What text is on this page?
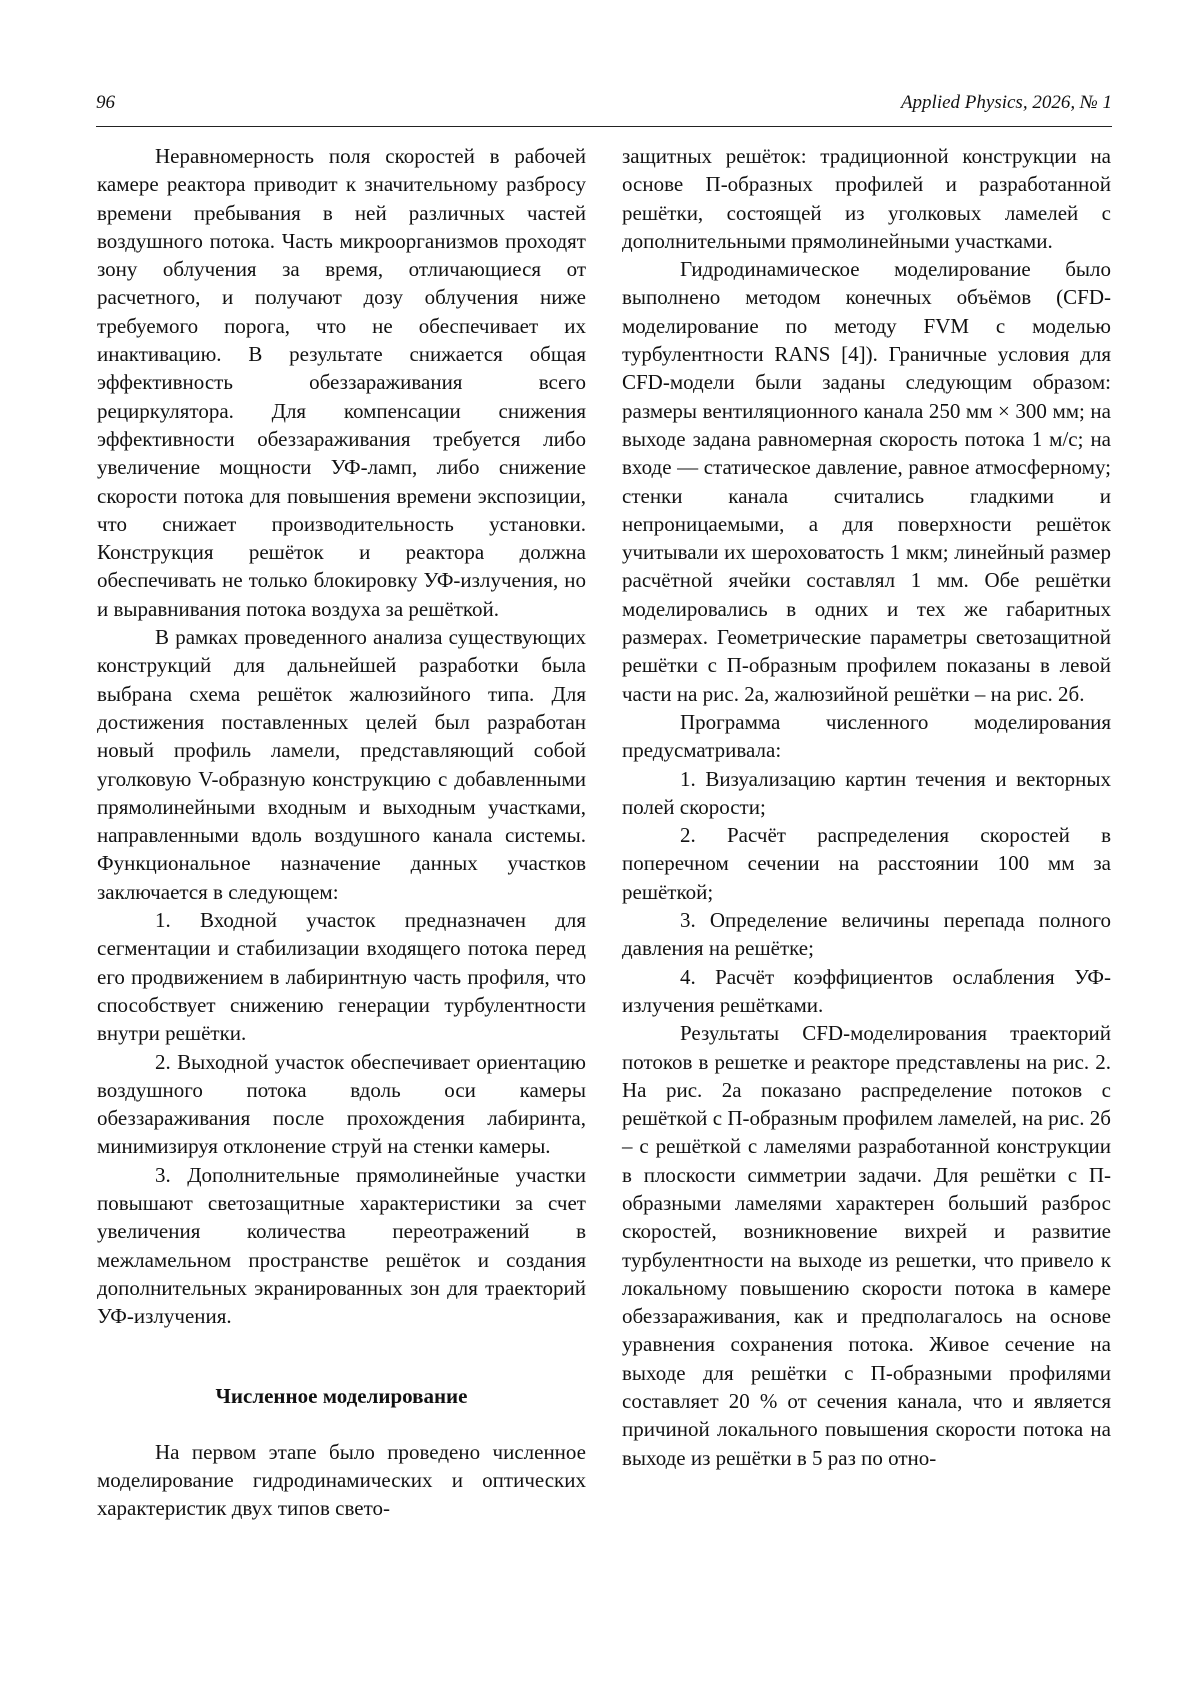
96	Applied Physics, 2026, № 1

Неравномерность поля скоростей в рабочей камере реактора приводит к значительному разбросу времени пребывания в ней различных частей воздушного потока. Часть микроорганизмов проходят зону облучения за время, отличающиеся от расчетного, и получают дозу облучения ниже требуемого порога, что не обеспечивает их инактивацию. В результате снижается общая эффективность обеззараживания всего рециркулятора. Для компенсации снижения эффективности обеззараживания требуется либо увеличение мощности УФ-ламп, либо снижение скорости потока для повышения времени экспозиции, что снижает производительность установки. Конструкция решёток и реактора должна обеспечивать не только блокировку УФ-излучения, но и выравнивания потока воздуха за решёткой.

В рамках проведенного анализа существующих конструкций для дальнейшей разработки была выбрана схема решёток жалюзийного типа. Для достижения поставленных целей был разработан новый профиль ламели, представляющий собой уголковую V-образную конструкцию с добавленными прямолинейными входным и выходным участками, направленными вдоль воздушного канала системы. Функциональное назначение данных участков заключается в следующем:

1. Входной участок предназначен для сегментации и стабилизации входящего потока перед его продвижением в лабиринтную часть профиля, что способствует снижению генерации турбулентности внутри решётки.

2. Выходной участок обеспечивает ориентацию воздушного потока вдоль оси камеры обеззараживания после прохождения лабиринта, минимизируя отклонение струй на стенки камеры.

3. Дополнительные прямолинейные участки повышают светозащитные характеристики за счет увеличения количества переотражений в межламельном пространстве решёток и создания дополнительных экранированных зон для траекторий УФ-излучения.

Численное моделирование

На первом этапе было проведено численное моделирование гидродинамических и оптических характеристик двух типов свето-

защитных решёток: традиционной конструкции на основе П-образных профилей и разработанной решётки, состоящей из уголковых ламелей с дополнительными прямолинейными участками.

Гидродинамическое моделирование было выполнено методом конечных объёмов (CFD-моделирование по методу FVM с моделью турбулентности RANS [4]). Граничные условия для CFD-модели были заданы следующим образом: размеры вентиляционного канала 250 мм × 300 мм; на выходе задана равномерная скорость потока 1 м/с; на входе — статическое давление, равное атмосферному; стенки канала считались гладкими и непроницаемыми, а для поверхности решёток учитывали их шероховатость 1 мкм; линейный размер расчётной ячейки составлял 1 мм. Обе решётки моделировались в одних и тех же габаритных размерах. Геометрические параметры светозащитной решётки с П-образным профилем показаны в левой части на рис. 2а, жалюзийной решётки – на рис. 2б.

Программа численного моделирования предусматривала:

1. Визуализацию картин течения и векторных полей скорости;

2. Расчёт распределения скоростей в поперечном сечении на расстоянии 100 мм за решёткой;

3. Определение величины перепада полного давления на решётке;

4. Расчёт коэффициентов ослабления УФ-излучения решётками.

Результаты CFD-моделирования траекторий потоков в решетке и реакторе представлены на рис. 2. На рис. 2а показано распределение потоков с решёткой с П-образным профилем ламелей, на рис. 2б – с решёткой с ламелями разработанной конструкции в плоскости симметрии задачи. Для решётки с П-образными ламелями характерен больший разброс скоростей, возникновение вихрей и развитие турбулентности на выходе из решетки, что привело к локальному повышению скорости потока в камере обеззараживания, как и предполагалось на основе уравнения сохранения потока. Живое сечение на выходе для решётки с П-образными профилями составляет 20 % от сечения канала, что и является причиной локального повышения скорости потока на выходе из решётки в 5 раз по отно-
